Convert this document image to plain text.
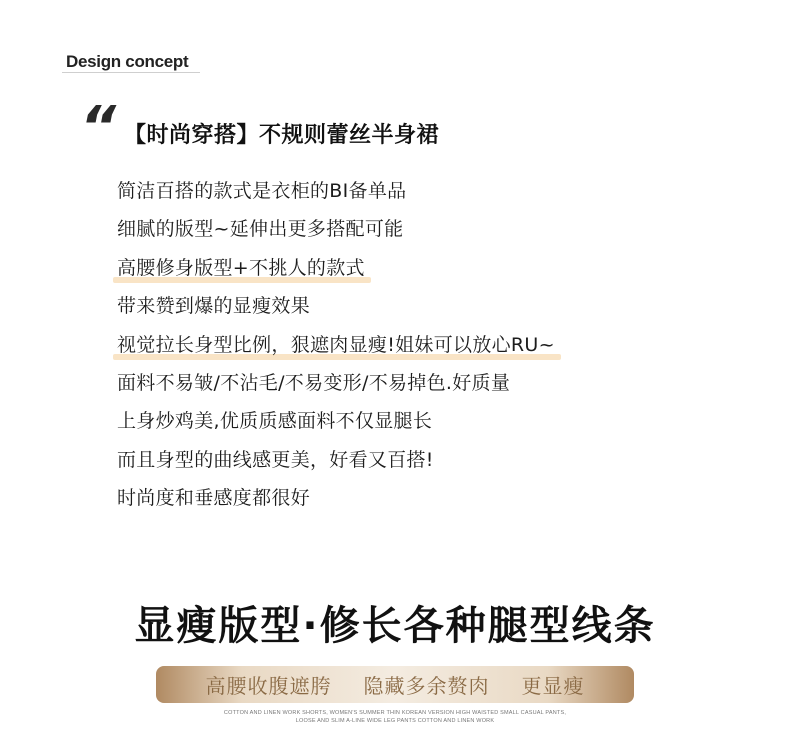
Design concept
“ 【时尚穿搭】不规则蕾丝半身裙
简洁百搭的款式是衣柜的BI备单品
细腻的版型~延伸出更多搭配可能
高腰修身版型+不挑人的款式
带来赞到爆的显瘦效果
视觉拉长身型比例，狠遮肉显瘦!姐妹可以放心RU~
面料不易皱/不沾毛/不易变形/不易掉色.好质量
上身炒鸡美,优质质感面料不仅显腿长
而且身型的曲线感更美，好看又百搭!
时尚度和垂感度都很好
显瘦版型·修长各种腿型线条
高腰收腹遮胯	隐藏多余赘肉	更显瘦
COTTON AND LINEN WORK SHORTS, WOMEN'S SUMMER THIN KOREAN VERSION HIGH WAISTED SMALL CASUAL PANTS,
LOOSE AND SLIM A-LINE WIDE LEG PANTS COTTON AND LINEN WORK
